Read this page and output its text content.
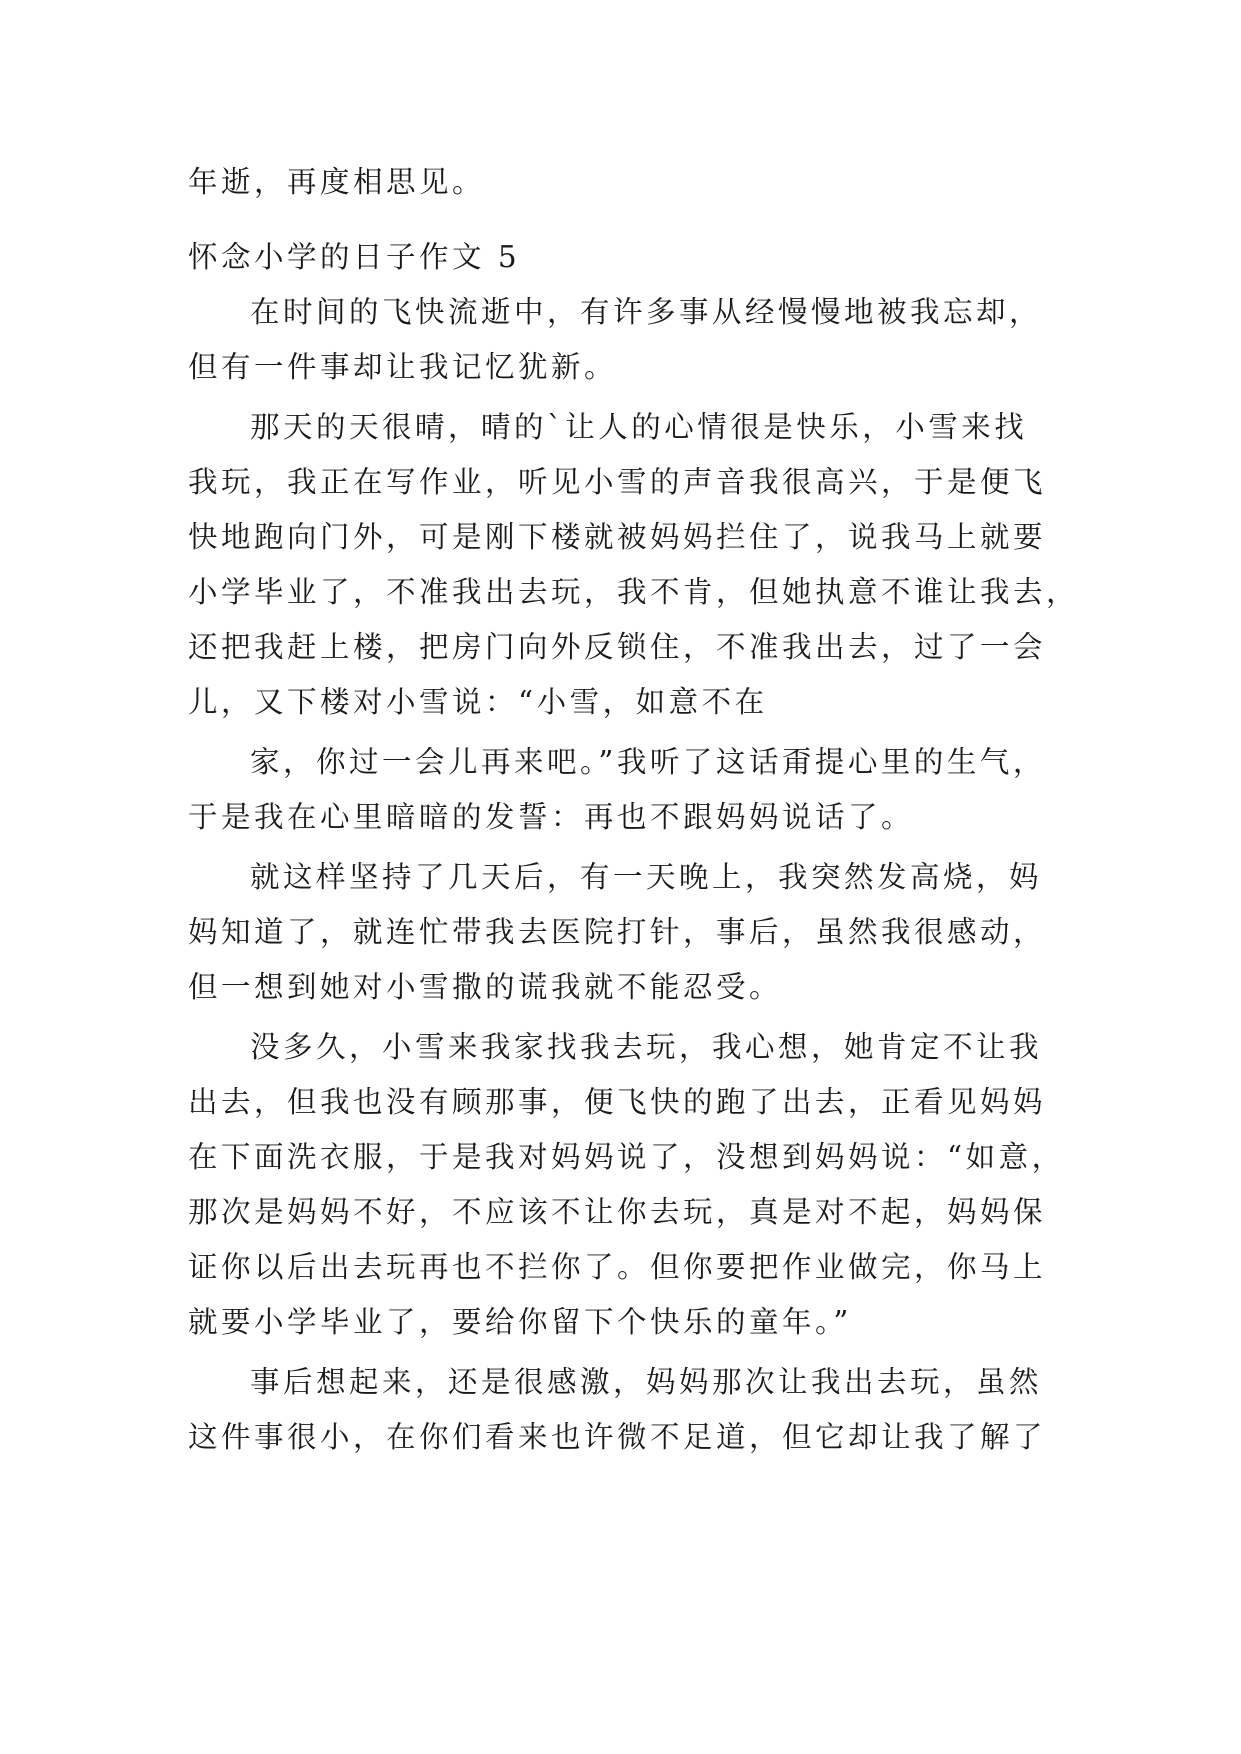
年逝，再度相思见。
怀念小学的日子作文 5
在时间的飞快流逝中，有许多事从经慢慢地被我忘却，
但有一件事却让我记忆犹新。
那天的天很晴，晴的`让人的心情很是快乐，小雪来找
我玩，我正在写作业，听见小雪的声音我很高兴，于是便飞
快地跑向门外，可是刚下楼就被妈妈拦住了，说我马上就要
小学毕业了，不准我出去玩，我不肯，但她执意不谁让我去，
还把我赶上楼，把房门向外反锁住，不准我出去，过了一会
儿，又下楼对小雪说：“小雪，如意不在
家，你过一会儿再来吧。”我听了这话甭提心里的生气，
于是我在心里暗暗的发誓：再也不跟妈妈说话了。
就这样坚持了几天后，有一天晚上，我突然发高烧，妈
妈知道了，就连忙带我去医院打针，事后，虽然我很感动，
但一想到她对小雪撒的谎我就不能忍受。
没多久，小雪来我家找我去玩，我心想，她肯定不让我
出去，但我也没有顾那事，便飞快的跑了出去，正看见妈妈
在下面洗衣服，于是我对妈妈说了，没想到妈妈说：“如意，
那次是妈妈不好，不应该不让你去玩，真是对不起，妈妈保
证你以后出去玩再也不拦你了。但你要把作业做完，你马上
就要小学毕业了，要给你留下个快乐的童年。”
事后想起来，还是很感激，妈妈那次让我出去玩，虽然
这件事很小，在你们看来也许微不足道，但它却让我了解了
